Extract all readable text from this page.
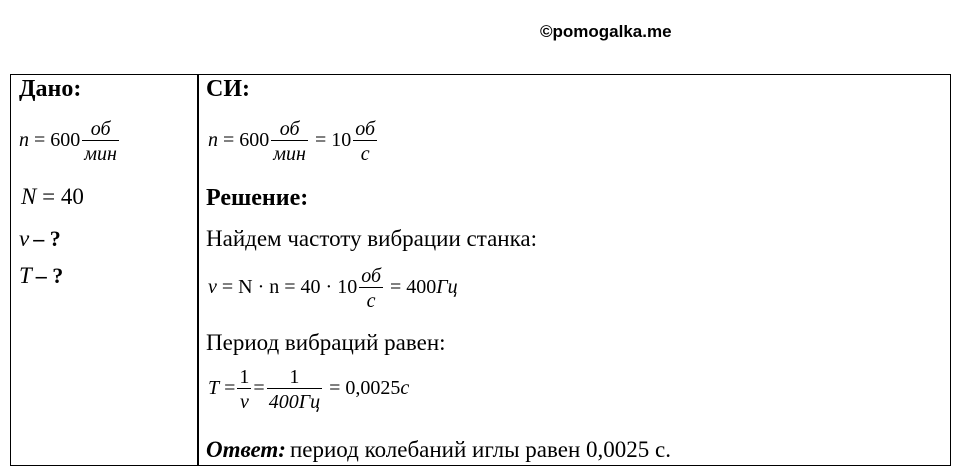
©pomogalka.me
Дано:
$n = 600 \frac{об}{\text{мин}}$
N = 40
ν – ?
T – ?
СИ:
$n = 600 \frac{об}{\text{мин}} = 10 \frac{об}{с}$
Решение:
Найдем частоту вибрации станка:
$\nu = N \cdot n = 40 \cdot 10 \frac{об}{с} = 400Гц$
Период вибраций равен:
$T = \frac{1}{\nu} = \frac{1}{400Гц} = 0,0025с$
Ответ: период колебаний иглы равен 0,0025 с.
